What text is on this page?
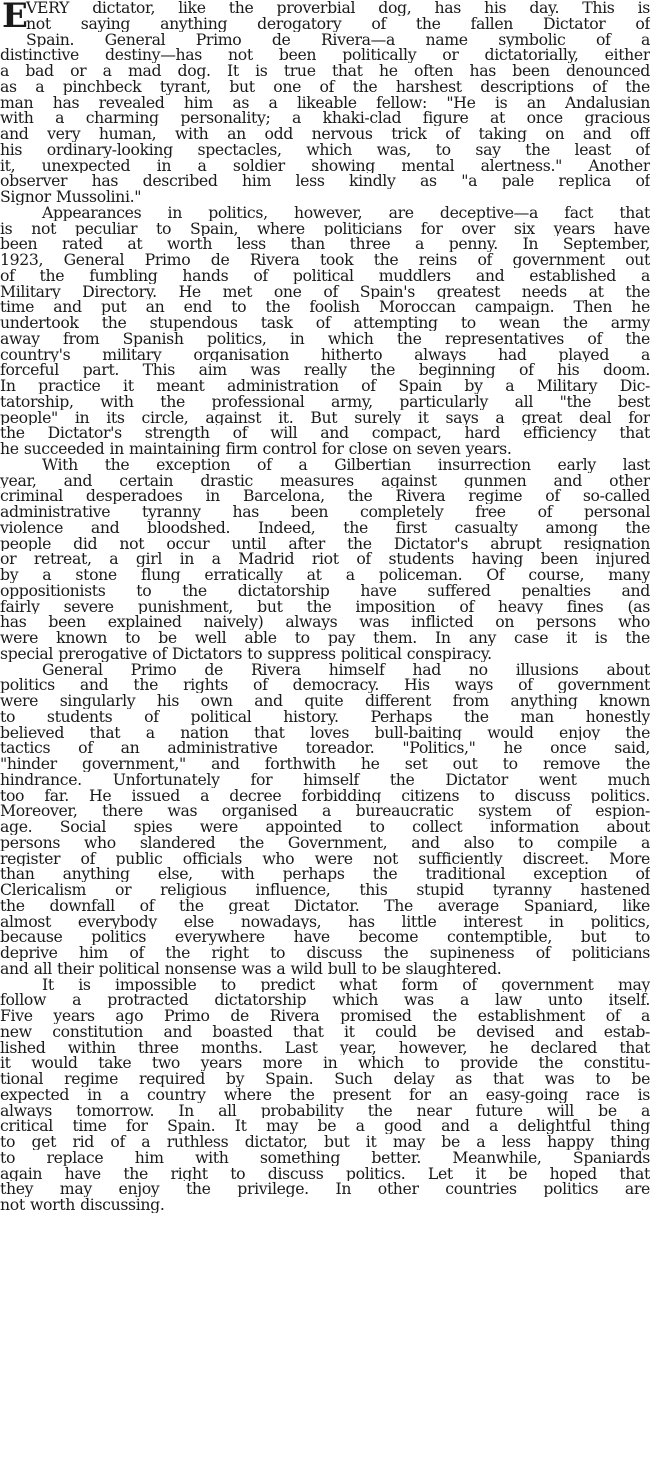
E
VERY dictator, like the proverbial dog, has his day. This is
not saying anything derogatory of the fallen Dictator of
Spain. General Primo de Rivera—a name symbolic of a
distinctive destiny—has not been politically or dictatorially, either
a bad or a mad dog. It is true that he often has been denounced
as a pinchbeck tyrant, but one of the harshest descriptions of the
man has revealed him as a likeable fellow: "He is an Andalusian
with a charming personality; a khaki-clad figure at once gracious
and very human, with an odd nervous trick of taking on and off
his ordinary-looking spectacles, which was, to say the least of
it, unexpected in a soldier showing mental alertness." Another
observer has described him less kindly as "a pale replica of
Signor Mussolini."
Appearances in politics, however, are deceptive—a fact that
is not peculiar to Spain, where politicians for over six years have
been rated at worth less than three a penny. In September,
1923, General Primo de Rivera took the reins of government out
of the fumbling hands of political muddlers and established a
Military Directory. He met one of Spain's greatest needs at the
time and put an end to the foolish Moroccan campaign. Then he
undertook the stupendous task of attempting to wean the army
away from Spanish politics, in which the representatives of the
country's military organisation hitherto always had played a
forceful part. This aim was really the beginning of his doom.
In practice it meant administration of Spain by a Military Dic-
tatorship, with the professional army, particularly all "the best
people" in its circle, against it. But surely it says a great deal for
the Dictator's strength of will and compact, hard efficiency that
he succeeded in maintaining firm control for close on seven years.
With the exception of a Gilbertian insurrection early last
year, and certain drastic measures against gunmen and other
criminal desperadoes in Barcelona, the Rivera regime of so-called
administrative tyranny has been completely free of personal
violence and bloodshed. Indeed, the first casualty among the
people did not occur until after the Dictator's abrupt resignation
or retreat, a girl in a Madrid riot of students having been injured
by a stone flung erratically at a policeman. Of course, many
oppositionists to the dictatorship have suffered penalties and
fairly severe punishment, but the imposition of heavy fines (as
has been explained naively) always was inflicted on persons who
were known to be well able to pay them. In any case it is the
special prerogative of Dictators to suppress political conspiracy.
General Primo de Rivera himself had no illusions about
politics and the rights of democracy. His ways of government
were singularly his own and quite different from anything known
to students of political history. Perhaps the man honestly
believed that a nation that loves bull-baiting would enjoy the
tactics of an administrative toreador. "Politics," he once said,
"hinder government," and forthwith he set out to remove the
hindrance. Unfortunately for himself the Dictator went much
too far. He issued a decree forbidding citizens to discuss politics.
Moreover, there was organised a bureaucratic system of espion-
age. Social spies were appointed to collect information about
persons who slandered the Government, and also to compile a
register of public officials who were not sufficiently discreet. More
than anything else, with perhaps the traditional exception of
Clericalism or religious influence, this stupid tyranny hastened
the downfall of the great Dictator. The average Spaniard, like
almost everybody else nowadays, has little interest in politics,
because politics everywhere have become contemptible, but to
deprive him of the right to discuss the supineness of politicians
and all their political nonsense was a wild bull to be slaughtered.
It is impossible to predict what form of government may
follow a protracted dictatorship which was a law unto itself.
Five years ago Primo de Rivera promised the establishment of a
new constitution and boasted that it could be devised and estab-
lished within three months. Last year, however, he declared that
it would take two years more in which to provide the constitu-
tional regime required by Spain. Such delay as that was to be
expected in a country where the present for an easy-going race is
always tomorrow. In all probability the near future will be a
critical time for Spain. It may be a good and a delightful thing
to get rid of a ruthless dictator, but it may be a less happy thing
to replace him with something better. Meanwhile, Spaniards
again have the right to discuss politics. Let it be hoped that
they may enjoy the privilege. In other countries politics are
not worth discussing.
